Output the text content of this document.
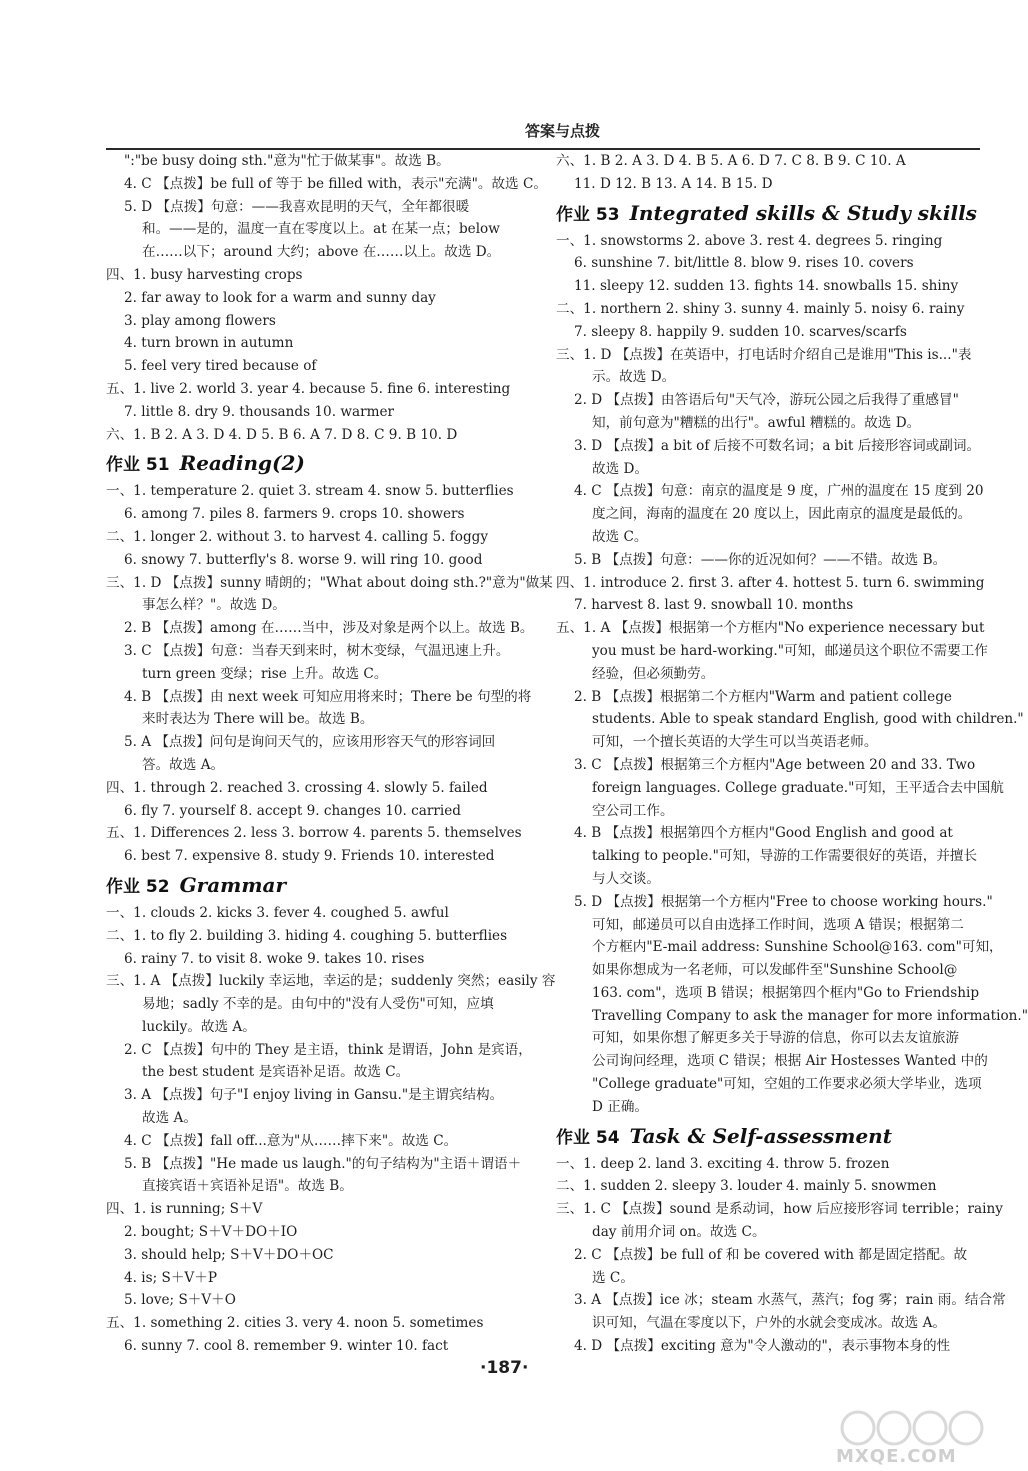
答案与点拨
":"be busy doing sth."意为"忙于做某事"。故选 B。
4. C 【点拨】be full of 等于 be filled with，表示"充满"。故选 C。
5. D 【点拨】句意：——我喜欢昆明的天气，全年都很暖
和。——是的，温度一直在零度以上。at 在某一点；below
在……以下；around 大约；above 在……以上。故选 D。
四、1. busy harvesting crops
2. far away to look for a warm and sunny day
3. play among flowers
4. turn brown in autumn
5. feel very tired because of
五、1. live 2. world 3. year 4. because 5. fine 6. interesting
7. little 8. dry 9. thousands 10. warmer
六、1. B 2. A 3. D 4. D 5. B 6. A 7. D 8. C 9. B 10. D
作业 51 Reading(2)
一、1. temperature 2. quiet 3. stream 4. snow 5. butterflies
6. among 7. piles 8. farmers 9. crops 10. showers
二、1. longer 2. without 3. to harvest 4. calling 5. foggy
6. snowy 7. butterfly's 8. worse 9. will ring 10. good
三、1. D 【点拨】sunny 晴朗的；"What about doing sth.?"意为"做某
事怎么样？"。故选 D。
2. B 【点拨】among 在……当中，涉及对象是两个以上。故选 B。
3. C 【点拨】句意：当春天到来时，树木变绿，气温迅速上升。
turn green 变绿；rise 上升。故选 C。
4. B 【点拨】由 next week 可知应用将来时；There be 句型的将
来时表达为 There will be。故选 B。
5. A 【点拨】问句是询问天气的，应该用形容天气的形容词回
答。故选 A。
四、1. through 2. reached 3. crossing 4. slowly 5. failed
6. fly 7. yourself 8. accept 9. changes 10. carried
五、1. Differences 2. less 3. borrow 4. parents 5. themselves
6. best 7. expensive 8. study 9. Friends 10. interested
作业 52 Grammar
一、1. clouds 2. kicks 3. fever 4. coughed 5. awful
二、1. to fly 2. building 3. hiding 4. coughing 5. butterflies
6. rainy 7. to visit 8. woke 9. takes 10. rises
三、1. A 【点拨】luckily 幸运地，幸运的是；suddenly 突然；easily 容
易地；sadly 不幸的是。由句中的"没有人受伤"可知，应填
luckily。故选 A。
2. C 【点拨】句中的 They 是主语，think 是谓语，John 是宾语，
the best student 是宾语补足语。故选 C。
3. A 【点拨】句子"I enjoy living in Gansu."是主谓宾结构。
故选 A。
4. C 【点拨】fall off...意为"从……摔下来"。故选 C。
5. B 【点拨】"He made us laugh."的句子结构为"主语＋谓语＋
直接宾语＋宾语补足语"。故选 B。
四、1. is running; S＋V
2. bought; S＋V＋DO＋IO
3. should help; S＋V＋DO＋OC
4. is; S＋V＋P
5. love; S＋V＋O
五、1. something 2. cities 3. very 4. noon 5. sometimes
6. sunny 7. cool 8. remember 9. winter 10. fact
六、1. B 2. A 3. D 4. B 5. A 6. D 7. C 8. B 9. C 10. A
11. D 12. B 13. A 14. B 15. D
作业 53 Integrated skills & Study skills
一、1. snowstorms 2. above 3. rest 4. degrees 5. ringing
6. sunshine 7. bit/little 8. blow 9. rises 10. covers
11. sleepy 12. sudden 13. fights 14. snowballs 15. shiny
二、1. northern 2. shiny 3. sunny 4. mainly 5. noisy 6. rainy
7. sleepy 8. happily 9. sudden 10. scarves/scarfs
三、1. D 【点拨】在英语中，打电话时介绍自己是谁用"This is..."表
示。故选 D。
2. D 【点拨】由答语后句"天气冷，游玩公园之后我得了重感冒"
知，前句意为"糟糕的出行"。awful 糟糕的。故选 D。
3. D 【点拨】a bit of 后接不可数名词；a bit 后接形容词或副词。
故选 D。
4. C 【点拨】句意：南京的温度是 9 度，广州的温度在 15 度到 20
度之间，海南的温度在 20 度以上，因此南京的温度是最低的。
故选 C。
5. B 【点拨】句意：——你的近况如何？——不错。故选 B。
四、1. introduce 2. first 3. after 4. hottest 5. turn 6. swimming
7. harvest 8. last 9. snowball 10. months
五、1. A 【点拨】根据第一个方框内"No experience necessary but
you must be hard-working."可知，邮递员这个职位不需要工作
经验，但必须勤劳。
2. B 【点拨】根据第二个方框内"Warm and patient college
students. Able to speak standard English, good with children."
可知，一个擅长英语的大学生可以当英语老师。
3. C 【点拨】根据第三个方框内"Age between 20 and 33. Two
foreign languages. College graduate."可知，王平适合去中国航
空公司工作。
4. B 【点拨】根据第四个方框内"Good English and good at
talking to people."可知，导游的工作需要很好的英语，并擅长
与人交谈。
5. D 【点拨】根据第一个方框内"Free to choose working hours."
可知，邮递员可以自由选择工作时间，选项 A 错误；根据第二
个方框内"E-mail address: Sunshine School@163. com"可知，
如果你想成为一名老师，可以发邮件至"Sunshine School@
163. com"，选项 B 错误；根据第四个框内"Go to Friendship
Travelling Company to ask the manager for more information."
可知，如果你想了解更多关于导游的信息，你可以去友谊旅游
公司询问经理，选项 C 错误；根据 Air Hostesses Wanted 中的
"College graduate"可知，空姐的工作要求必须大学毕业，选项
D 正确。
作业 54 Task & Self-assessment
一、1. deep 2. land 3. exciting 4. throw 5. frozen
二、1. sudden 2. sleepy 3. louder 4. mainly 5. snowmen
三、1. C 【点拨】sound 是系动词，how 后应接形容词 terrible；rainy
day 前用介词 on。故选 C。
2. C 【点拨】be full of 和 be covered with 都是固定搭配。故
选 C。
3. A 【点拨】ice 冰；steam 水蒸气，蒸汽；fog 雾；rain 雨。结合常
识可知，气温在零度以下，户外的水就会变成冰。故选 A。
4. D 【点拨】exciting 意为"令人激动的"，表示事物本身的性
·187·
MXQE.COM
